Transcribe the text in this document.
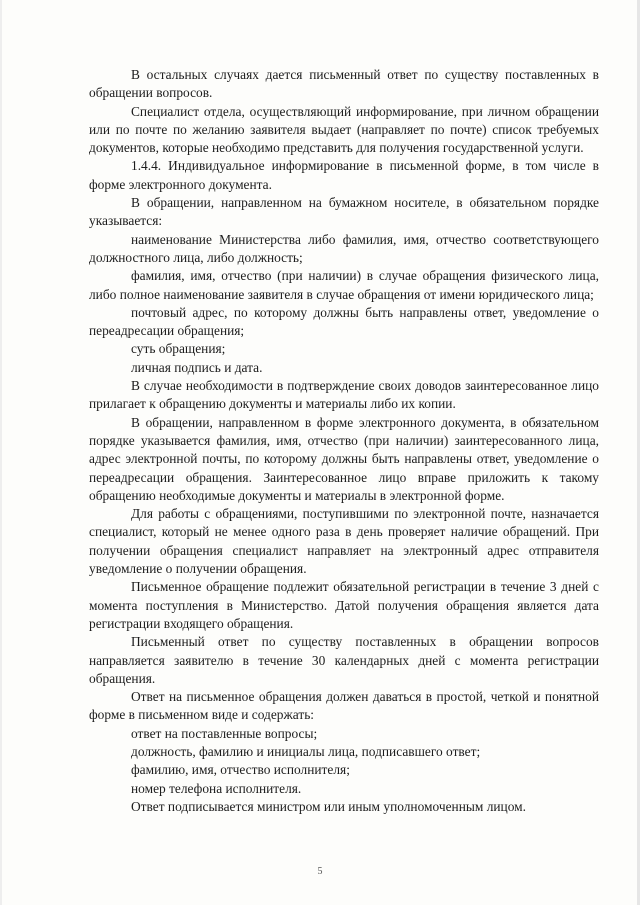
В остальных случаях дается письменный ответ по существу поставленных в обращении вопросов.

Специалист отдела, осуществляющий информирование, при личном обращении или по почте по желанию заявителя выдает (направляет по почте) список требуемых документов, которые необходимо представить для получения государственной услуги.

1.4.4. Индивидуальное информирование в письменной форме, в том числе в форме электронного документа.

В обращении, направленном на бумажном носителе, в обязательном порядке указывается:

наименование Министерства либо фамилия, имя, отчество соответствующего должностного лица, либо должность;

фамилия, имя, отчество (при наличии) в случае обращения физического лица, либо полное наименование заявителя в случае обращения от имени юридического лица;

почтовый адрес, по которому должны быть направлены ответ, уведомление о переадресации обращения;

суть обращения;

личная подпись и дата.

В случае необходимости в подтверждение своих доводов заинтересованное лицо прилагает к обращению документы и материалы либо их копии.

В обращении, направленном в форме электронного документа, в обязательном порядке указывается фамилия, имя, отчество (при наличии) заинтересованного лица, адрес электронной почты, по которому должны быть направлены ответ, уведомление о переадресации обращения. Заинтересованное лицо вправе приложить к такому обращению необходимые документы и материалы в электронной форме.

Для работы с обращениями, поступившими по электронной почте, назначается специалист, который не менее одного раза в день проверяет наличие обращений. При получении обращения специалист направляет на электронный адрес отправителя уведомление о получении обращения.

Письменное обращение подлежит обязательной регистрации в течение 3 дней с момента поступления в Министерство. Датой получения обращения является дата регистрации входящего обращения.

Письменный ответ по существу поставленных в обращении вопросов направляется заявителю в течение 30 календарных дней с момента регистрации обращения.

Ответ на письменное обращения должен даваться в простой, четкой и понятной форме в письменном виде и содержать:

ответ на поставленные вопросы;

должность, фамилию и инициалы лица, подписавшего ответ;

фамилию, имя, отчество исполнителя;

номер телефона исполнителя.

Ответ подписывается министром или иным уполномоченным лицом.

5
